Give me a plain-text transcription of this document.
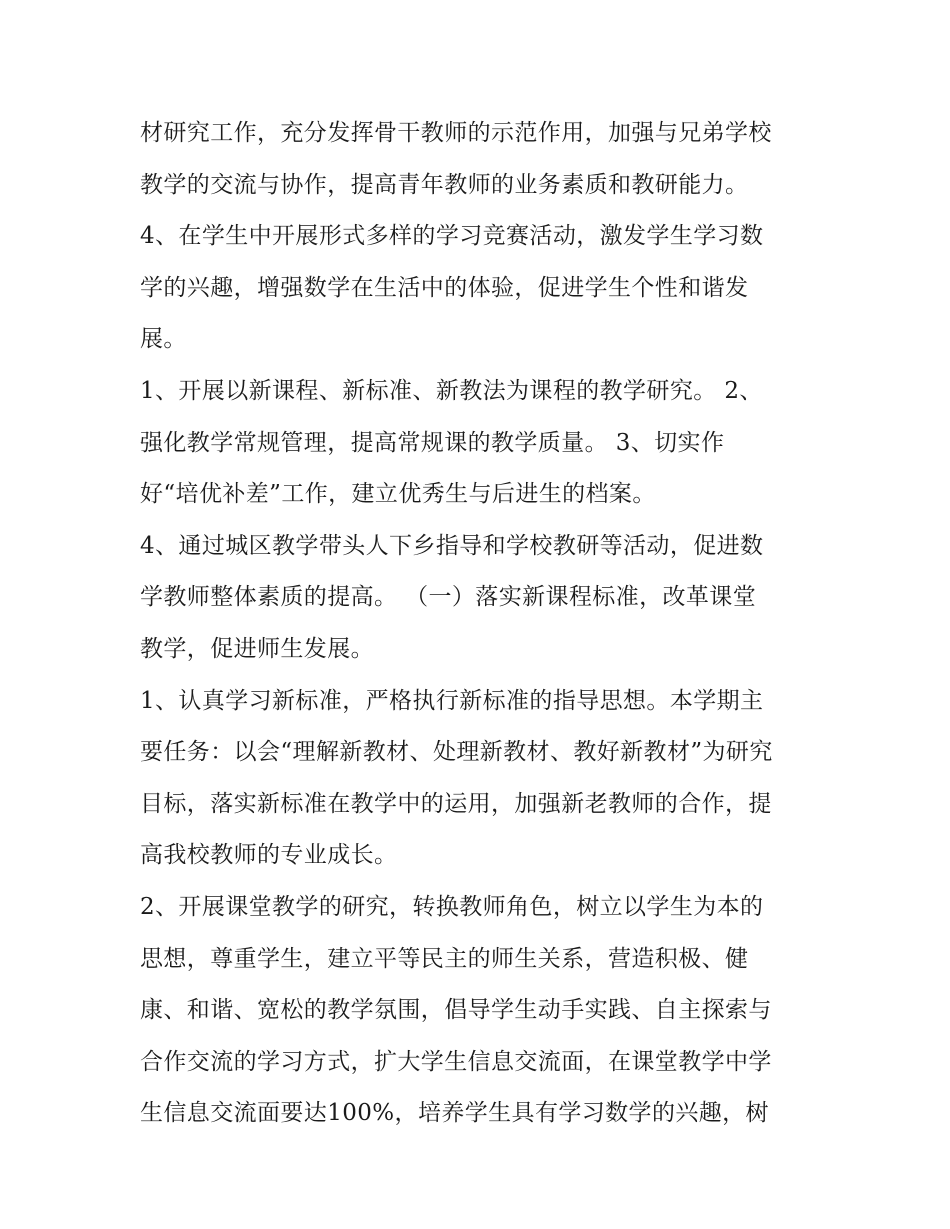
材研究工作，充分发挥骨干教师的示范作用，加强与兄弟学校
教学的交流与协作，提高青年教师的业务素质和教研能力。
4、在学生中开展形式多样的学习竞赛活动，激发学生学习数
学的兴趣，增强数学在生活中的体验，促进学生个性和谐发
展。
1、开展以新课程、新标准、新教法为课程的教学研究。 2、
强化教学常规管理，提高常规课的教学质量。 3、切实作
好“培优补差”工作，建立优秀生与后进生的档案。
4、通过城区教学带头人下乡指导和学校教研等活动，促进数
学教师整体素质的提高。 （一）落实新课程标准，改革课堂
教学，促进师生发展。
1、认真学习新标准，严格执行新标准的指导思想。本学期主
要任务：以会“理解新教材、处理新教材、教好新教材”为研究
目标，落实新标准在教学中的运用，加强新老教师的合作，提
高我校教师的专业成长。
2、开展课堂教学的研究，转换教师角色，树立以学生为本的
思想，尊重学生，建立平等民主的师生关系，营造积极、健
康、和谐、宽松的教学氛围，倡导学生动手实践、自主探索与
合作交流的学习方式，扩大学生信息交流面，在课堂教学中学
生信息交流面要达100%，培养学生具有学习数学的兴趣，树
